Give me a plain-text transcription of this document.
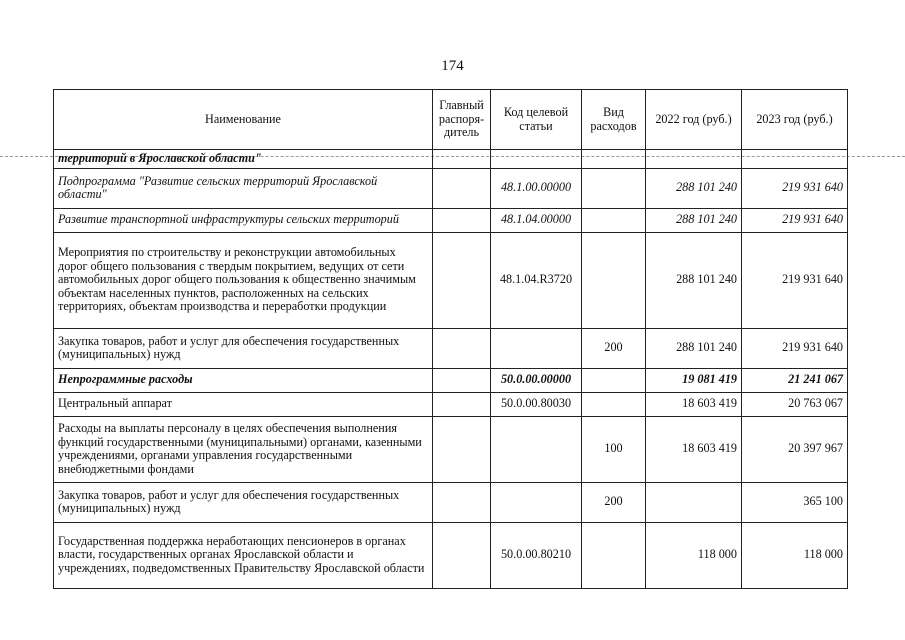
174
Наименование	Главный распоря-дитель	Код целевой статьи	Вид расходов	2022 год (руб.)	2023 год (руб.)
территорий в Ярославской области"					
Подпрограмма "Развитие сельских территорий Ярославской области"		48.1.00.00000		288 101 240	219 931 640
Развитие транспортной инфраструктуры сельских территорий		48.1.04.00000		288 101 240	219 931 640
Мероприятия по строительству и реконструкции автомобильных дорог общего пользования с твердым покрытием, ведущих от сети автомобильных дорог общего пользования к общественно значимым объектам населенных пунктов, расположенных на сельских территориях, объектам производства и переработки продукции		48.1.04.R3720		288 101 240	219 931 640
Закупка товаров, работ и услуг для обеспечения государственных (муниципальных) нужд			200	288 101 240	219 931 640
Непрограммные расходы		50.0.00.00000		19 081 419	21 241 067
Центральный аппарат		50.0.00.80030		18 603 419	20 763 067
Расходы на выплаты персоналу в целях обеспечения выполнения функций государственными (муниципальными) органами, казенными учреждениями, органами управления государственными внебюджетными фондами			100	18 603 419	20 397 967
Закупка товаров, работ и услуг для обеспечения государственных (муниципальных) нужд			200		365 100
Государственная поддержка неработающих пенсионеров в органах власти, государственных органах Ярославской области и учреждениях, подведомственных Правительству Ярославской области		50.0.00.80210		118 000	118 000
